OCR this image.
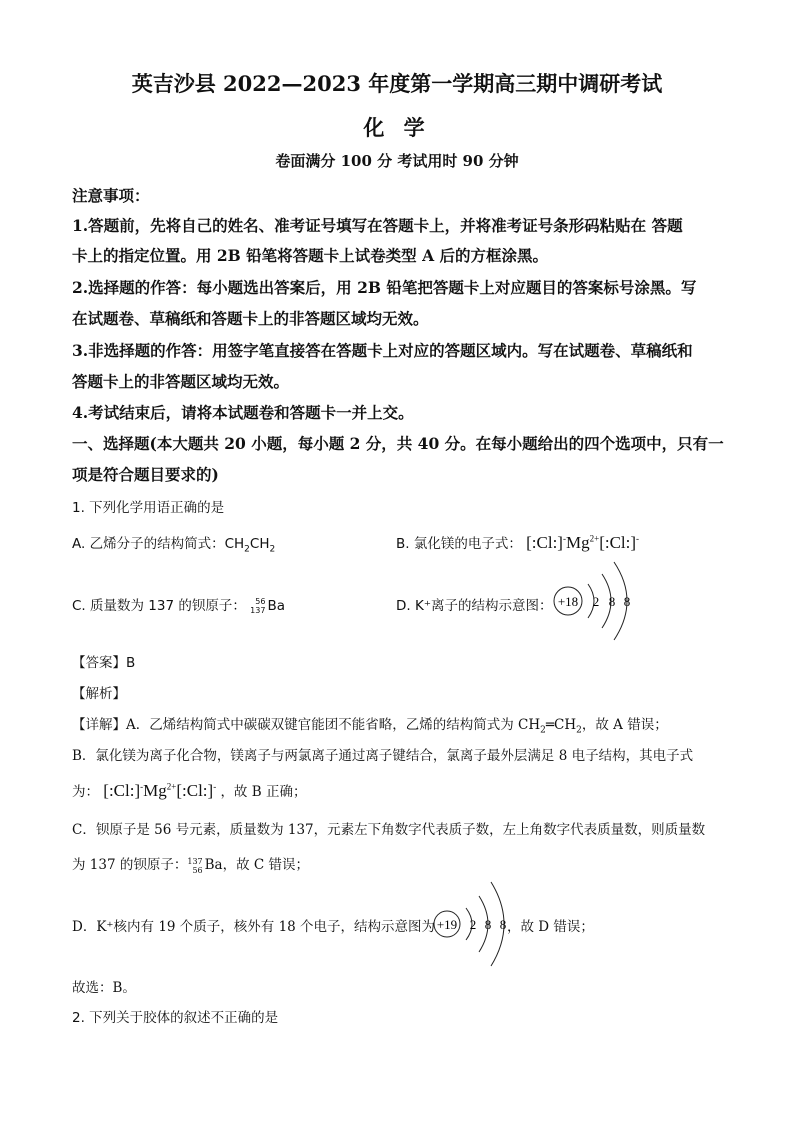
英吉沙县 2022—2023 年度第一学期高三期中调研考试
化 学
卷面满分 100 分 考试用时 90 分钟
注意事项：
1.答题前，先将自己的姓名、准考证号填写在答题卡上，并将准考证号条形码粘贴在 答题
卡上的指定位置。用 2B 铅笔将答题卡上试卷类型 A 后的方框涂黑。
2.选择题的作答：每小题选出答案后，用 2B 铅笔把答题卡上对应题目的答案标号涂黑。写
在试题卷、草稿纸和答题卡上的非答题区域均无效。
3.非选择题的作答：用签字笔直接答在答题卡上对应的答题区域内。写在试题卷、草稿纸和
答题卡上的非答题区域均无效。
4.考试结束后，请将本试题卷和答题卡一并上交。
一、选择题(本大题共 20 小题，每小题 2 分，共 40 分。在每小题给出的四个选项中，只有一
项是符合题目要求的)
1. 下列化学用语正确的是
A. 乙烯分子的结构简式：$CH_2CH_2$	B. 氯化镁的电子式： $[:Cl:]^-Mg^{2+}[:Cl:]^-$
C. 质量数为 137 的钡原子： 56
137 Ba	D. K⁺离子的结构示意图： +18 2 8 8
【答案】B
【解析】
【详解】A．乙烯结构简式中碳碳双键官能团不能省略，乙烯的结构简式为 $CH_2═CH_2$，故 A 错误；
B．氯化镁为离子化合物，镁离子与两氯离子通过离子键结合，氯离子最外层满足 8 电子结构，其电子式
为： $[:Cl:]^-Mg^{2+}[:Cl:]^-$ ，故 B 正确；
C．钡原子是 56 号元素，质量数为 137，元素左下角数字代表质子数，左上角数字代表质量数，则质量数
为 137 的钡原子：137
56 Ba，故 C 错误；
D．K⁺核内有 19 个质子，核外有 18 个电子，结构示意图为 +19 2 8 8 ，故 D 错误；
故选：B。
2. 下列关于胶体的叙述不正确的是
